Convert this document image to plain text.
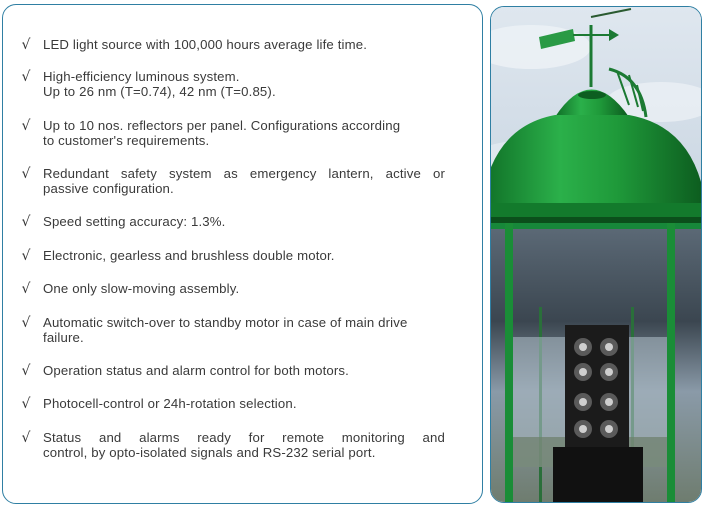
√ LED light source with 100,000 hours average life time.
√ High-efficiency luminous system.
Up to 26 nm (T=0.74), 42 nm (T=0.85).
√ Up to 10 nos. reflectors per panel. Configurations according
to customer's requirements.
√ Redundant safety system as emergency lantern, active or
passive configuration.
√ Speed setting accuracy: 1.3%.
√ Electronic, gearless and brushless double motor.
√ One only slow-moving assembly.
√ Automatic switch-over to standby motor in case of main drive
failure.
√ Operation status and alarm control for both motors.
√ Photocell-control or 24h-rotation selection.
√ Status and alarms ready for remote monitoring and
control, by opto-isolated signals and RS-232 serial port.
